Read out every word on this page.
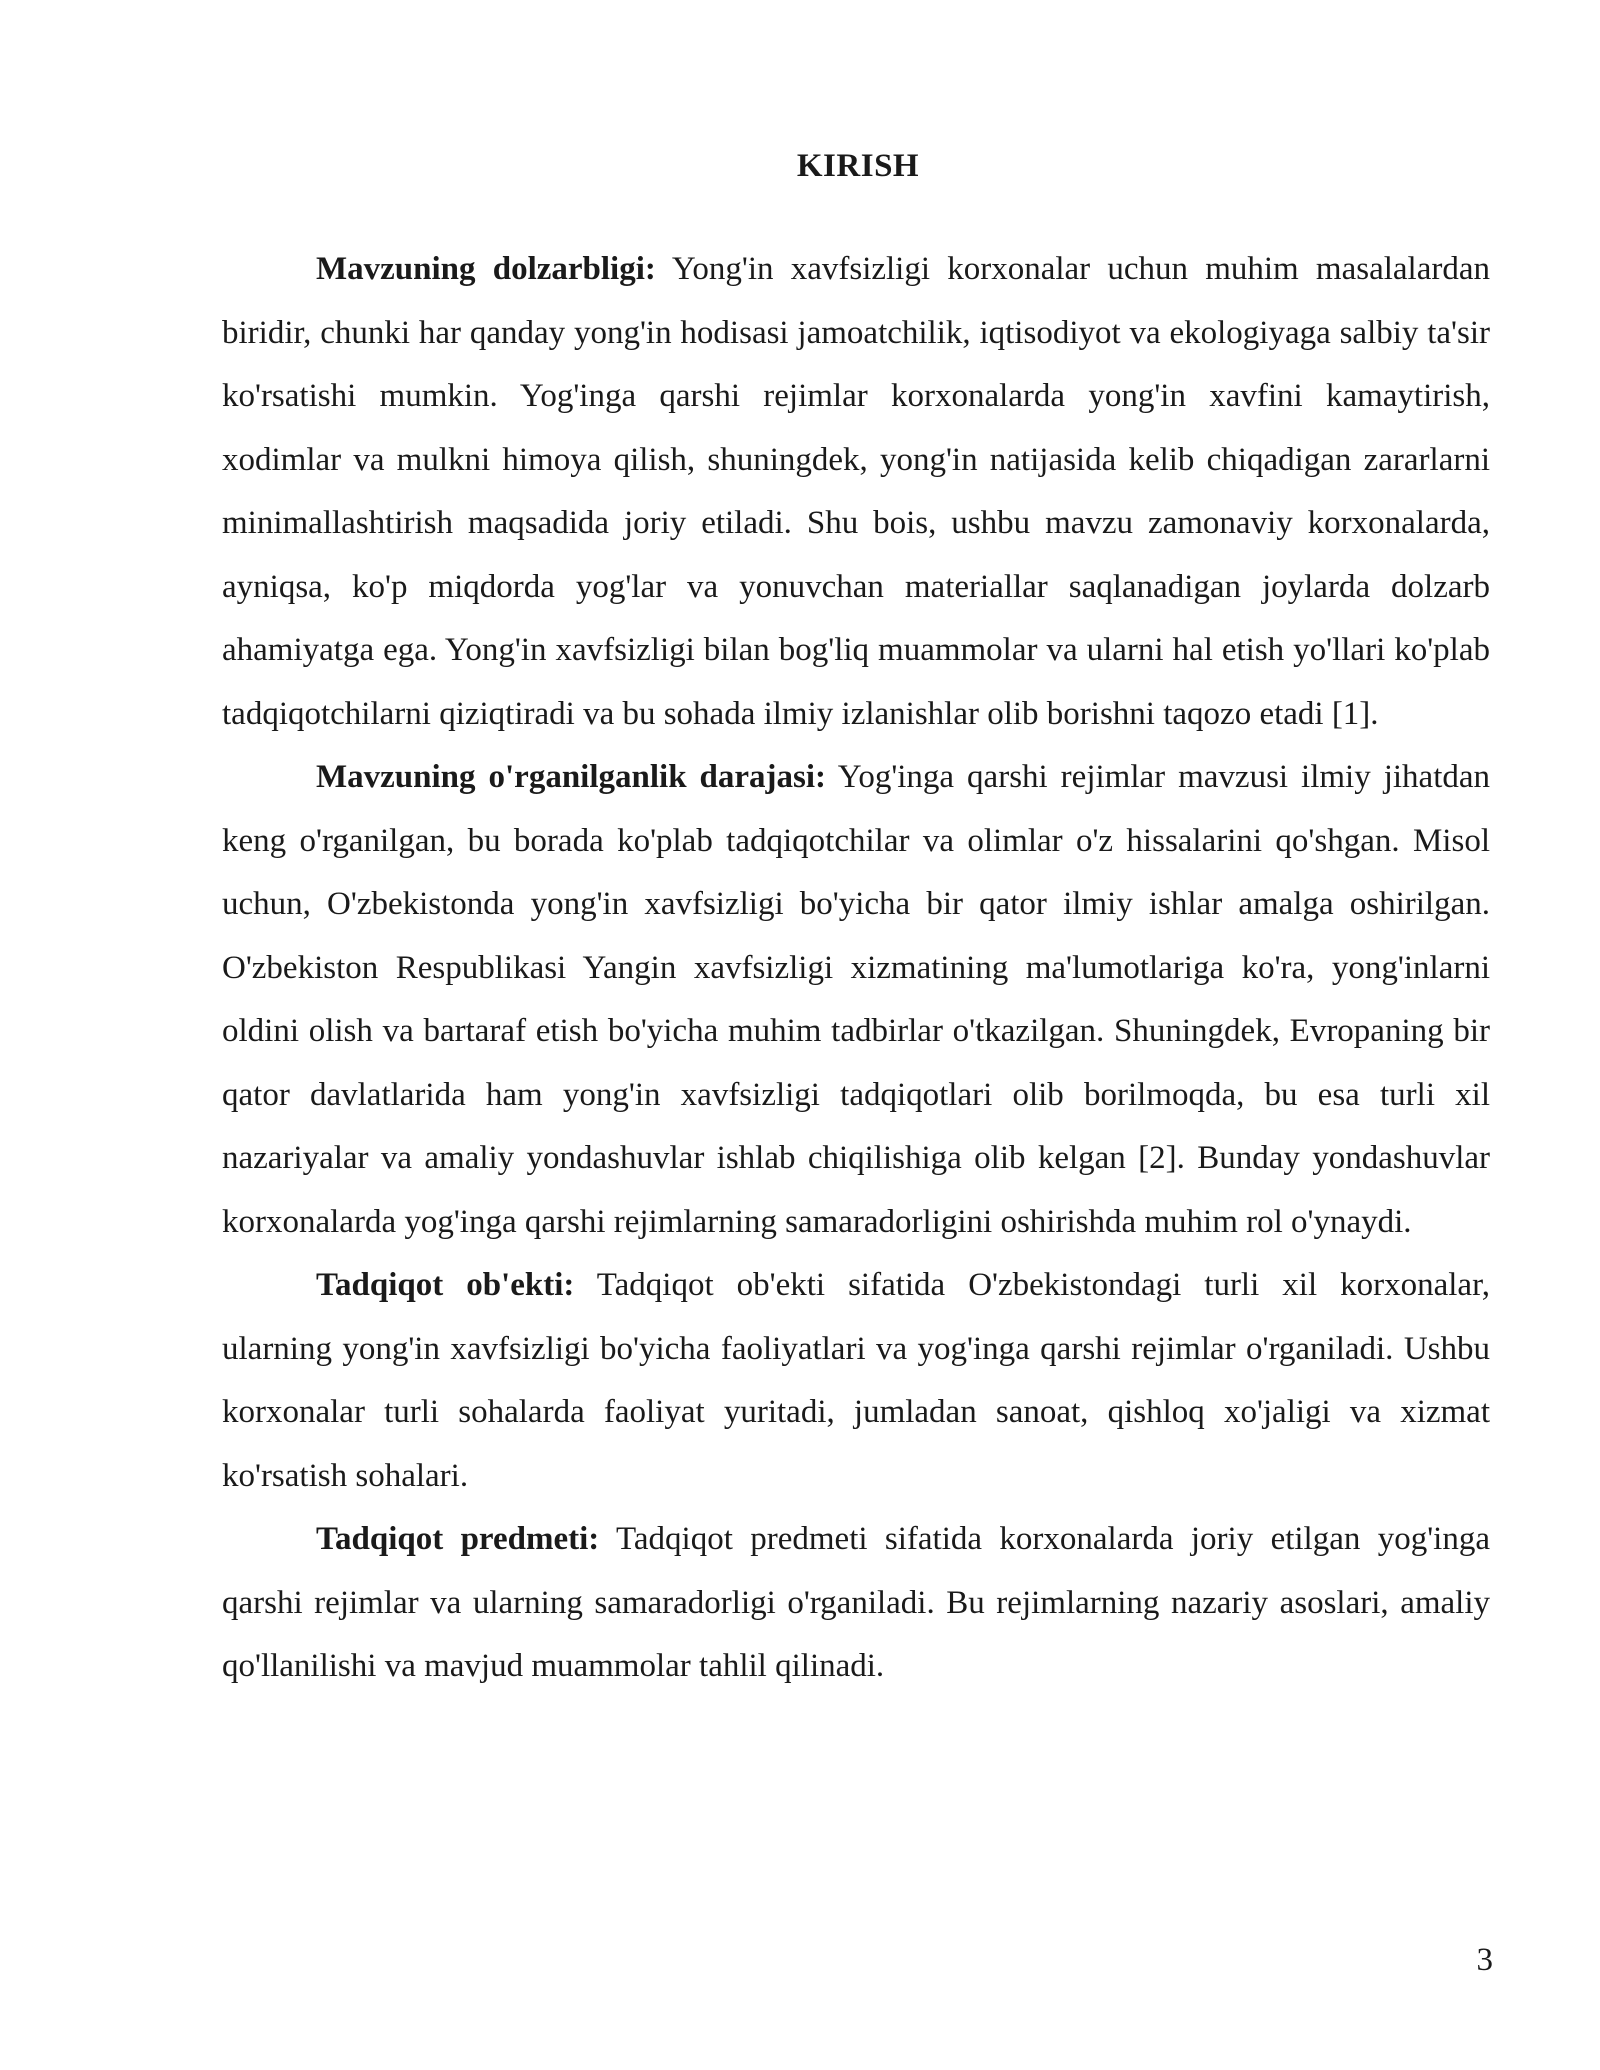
KIRISH

Mavzuning dolzarbligi: Yong'in xavfsizligi korxonalar uchun muhim masalalardan biridir, chunki har qanday yong'in hodisasi jamoatchilik, iqtisodiyot va ekologiyaga salbiy ta'sir ko'rsatishi mumkin. Yog'inga qarshi rejimlar korxonalarda yong'in xavfini kamaytirish, xodimlar va mulkni himoya qilish, shuningdek, yong'in natijasida kelib chiqadigan zararlarni minimallashtirish maqsadida joriy etiladi. Shu bois, ushbu mavzu zamonaviy korxonalarda, ayniqsa, ko'p miqdorda yog'lar va yonuvchan materiallar saqlanadigan joylarda dolzarb ahamiyatga ega. Yong'in xavfsizligi bilan bog'liq muammolar va ularni hal etish yo'llari ko'plab tadqiqotchilarni qiziqtiradi va bu sohada ilmiy izlanishlar olib borishni taqozo etadi [1].

Mavzuning o'rganilganlik darajasi: Yog'inga qarshi rejimlar mavzusi ilmiy jihatdan keng o'rganilgan, bu borada ko'plab tadqiqotchilar va olimlar o'z hissalarini qo'shgan. Misol uchun, O'zbekistonda yong'in xavfsizligi bo'yicha bir qator ilmiy ishlar amalga oshirilgan. O'zbekiston Respublikasi Yangin xavfsizligi xizmatining ma'lumotlariga ko'ra, yong'inlarni oldini olish va bartaraf etish bo'yicha muhim tadbirlar o'tkazilgan. Shuningdek, Evropaning bir qator davlatlarida ham yong'in xavfsizligi tadqiqotlari olib borilmoqda, bu esa turli xil nazariyalar va amaliy yondashuvlar ishlab chiqilishiga olib kelgan [2]. Bunday yondashuvlar korxonalarda yog'inga qarshi rejimlarning samaradorligini oshirishda muhim rol o'ynaydi.

Tadqiqot ob'ekti: Tadqiqot ob'ekti sifatida O'zbekistondagi turli xil korxonalar, ularning yong'in xavfsizligi bo'yicha faoliyatlari va yog'inga qarshi rejimlar o'rganiladi. Ushbu korxonalar turli sohalarda faoliyat yuritadi, jumladan sanoat, qishloq xo'jaligi va xizmat ko'rsatish sohalari.

Tadqiqot predmeti: Tadqiqot predmeti sifatida korxonalarda joriy etilgan yog'inga qarshi rejimlar va ularning samaradorligi o'rganiladi. Bu rejimlarning nazariy asoslari, amaliy qo'llanilishi va mavjud muammolar tahlil qilinadi.

3
